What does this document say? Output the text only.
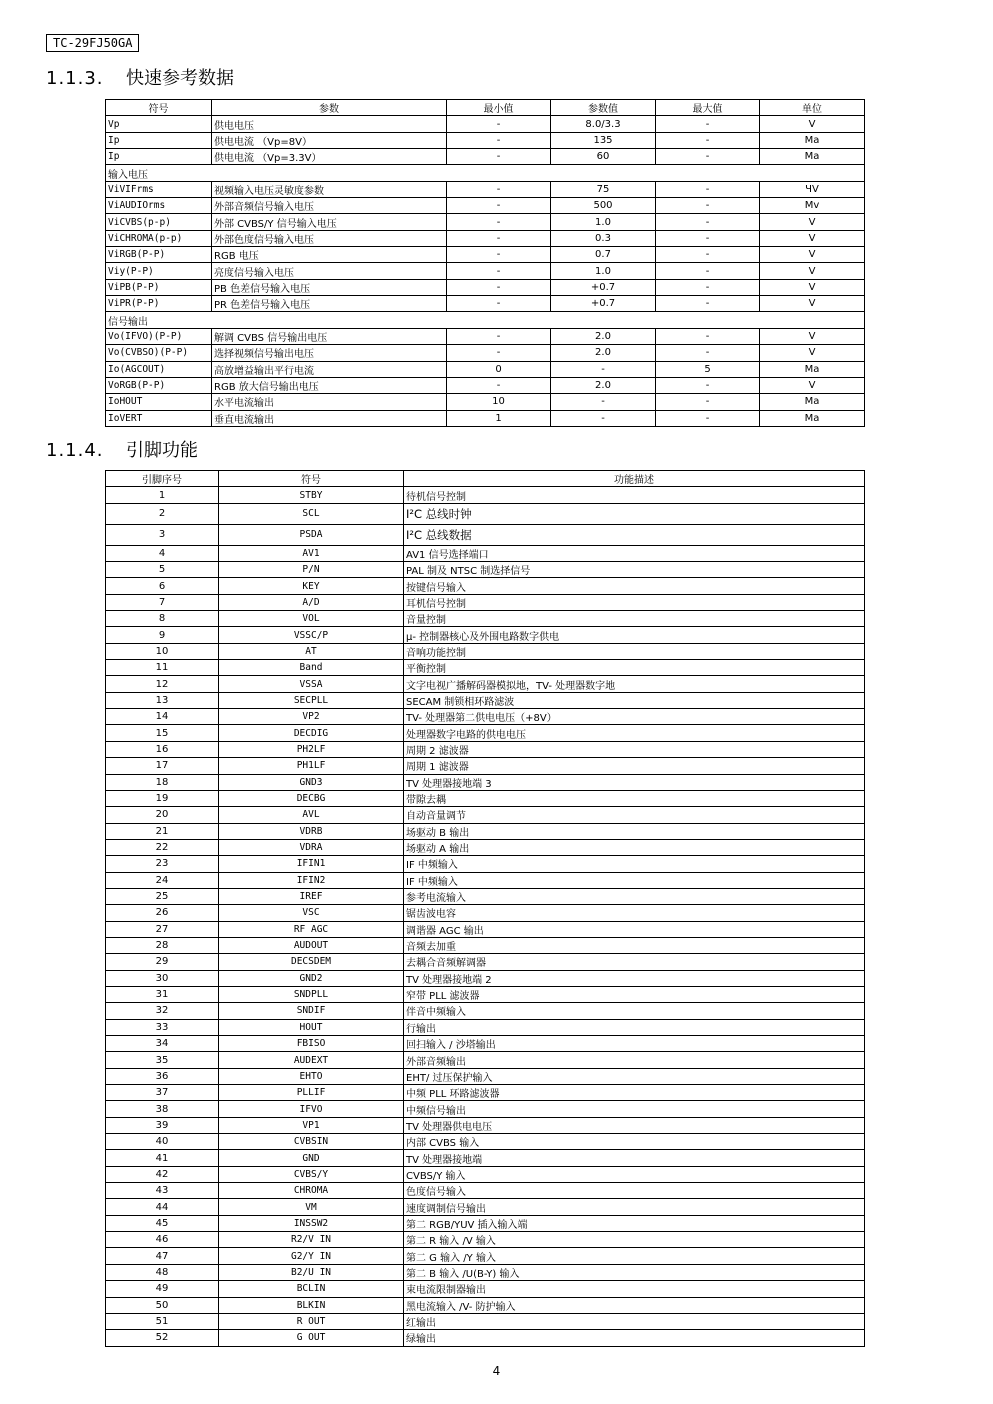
TC-29FJ50GA
1.1.3. 快速参考数据
符号	参数	最小值	参数值	最大值	单位
Vp	供电电压	-	8.0/3.3	-	V
Ip	供电电流 （Vp=8V）	-	135	-	Ma
Ip	供电电流 （Vp=3.3V）	-	60	-	Ma
输入电压					
ViVIFrms	视频输入电压灵敏度参数	-	75	-	ЧV
ViAUDIOrms	外部音频信号输入电压	-	500	-	Mv
ViCVBS(p-p)	外部 CVBS/Y 信号输入电压	-	1.0	-	V
ViCHROMA(p-p)	外部色度信号输入电压	-	0.3	-	V
ViRGB(P-P)	RGB 电压	-	0.7	-	V
Viy(P-P)	亮度信号输入电压	-	1.0	-	V
ViPB(P-P)	PB 色差信号输入电压	-	+0.7	-	V
ViPR(P-P)	PR 色差信号输入电压	-	+0.7	-	V
信号输出					
Vo(IFVO)(P-P)	解调 CVBS 信号输出电压	-	2.0	-	V
Vo(CVBSO)(P-P)	选择视频信号输出电压	-	2.0	-	V
Io(AGCOUT)	高放增益输出平行电流	0	-	5	Ma
VoRGB(P-P)	RGB 放大信号输出电压	-	2.0	-	V
IoHOUT	水平电流输出	10	-	-	Ma
IoVERT	垂直电流输出	1	-	-	Ma
1.1.4. 引脚功能
引脚序号	符号	功能描述
1	STBY	待机信号控制
2	SCL	I²C 总线时钟
3	PSDA	I²C 总线数据
4	AV1	AV1 信号选择端口
5	P/N	PAL 制及 NTSC 制选择信号
6	KEY	按键信号输入
7	A/D	耳机信号控制
8	VOL	音量控制
9	VSSC/P	μ- 控制器核心及外围电路数字供电
10	AT	音响功能控制
11	Band	平衡控制
12	VSSA	文字电视广播解码器模拟地，TV- 处理器数字地
13	SECPLL	SECAM 制锁相环路滤波
14	VP2	TV- 处理器第二供电电压（+8V）
15	DECDIG	处理器数字电路的供电电压
16	PH2LF	周期 2 滤波器
17	PH1LF	周期 1 滤波器
18	GND3	TV 处理器接地端 3
19	DECBG	带隙去耦
20	AVL	自动音量调节
21	VDRB	场驱动 B 输出
22	VDRA	场驱动 A 输出
23	IFIN1	IF 中频输入
24	IFIN2	IF 中频输入
25	IREF	参考电流输入
26	VSC	锯齿波电容
27	RF AGC	调谐器 AGC 输出
28	AUDOUT	音频去加重
29	DECSDEM	去耦合音频解调器
30	GND2	TV 处理器接地端 2
31	SNDPLL	窄带 PLL 滤波器
32	SNDIF	伴音中频输入
33	HOUT	行输出
34	FBISO	回扫输入 / 沙塔输出
35	AUDEXT	外部音频输出
36	EHTO	EHT/ 过压保护输入
37	PLLIF	中频 PLL 环路滤波器
38	IFVO	中频信号输出
39	VP1	TV 处理器供电电压
40	CVBSIN	内部 CVBS 输入
41	GND	TV 处理器接地端
42	CVBS/Y	CVBS/Y 输入
43	CHROMA	色度信号输入
44	VM	速度调制信号输出
45	INSSW2	第二 RGB/YUV 插入输入端
46	R2/V IN	第二 R 输入 /V 输入
47	G2/Y IN	第二 G 输入 /Y 输入
48	B2/U IN	第二 B 输入 /U(B-Y) 输入
49	BCLIN	束电流限制器输出
50	BLKIN	黑电流输入 /V- 防护输入
51	R OUT	红输出
52	G OUT	绿输出
4
